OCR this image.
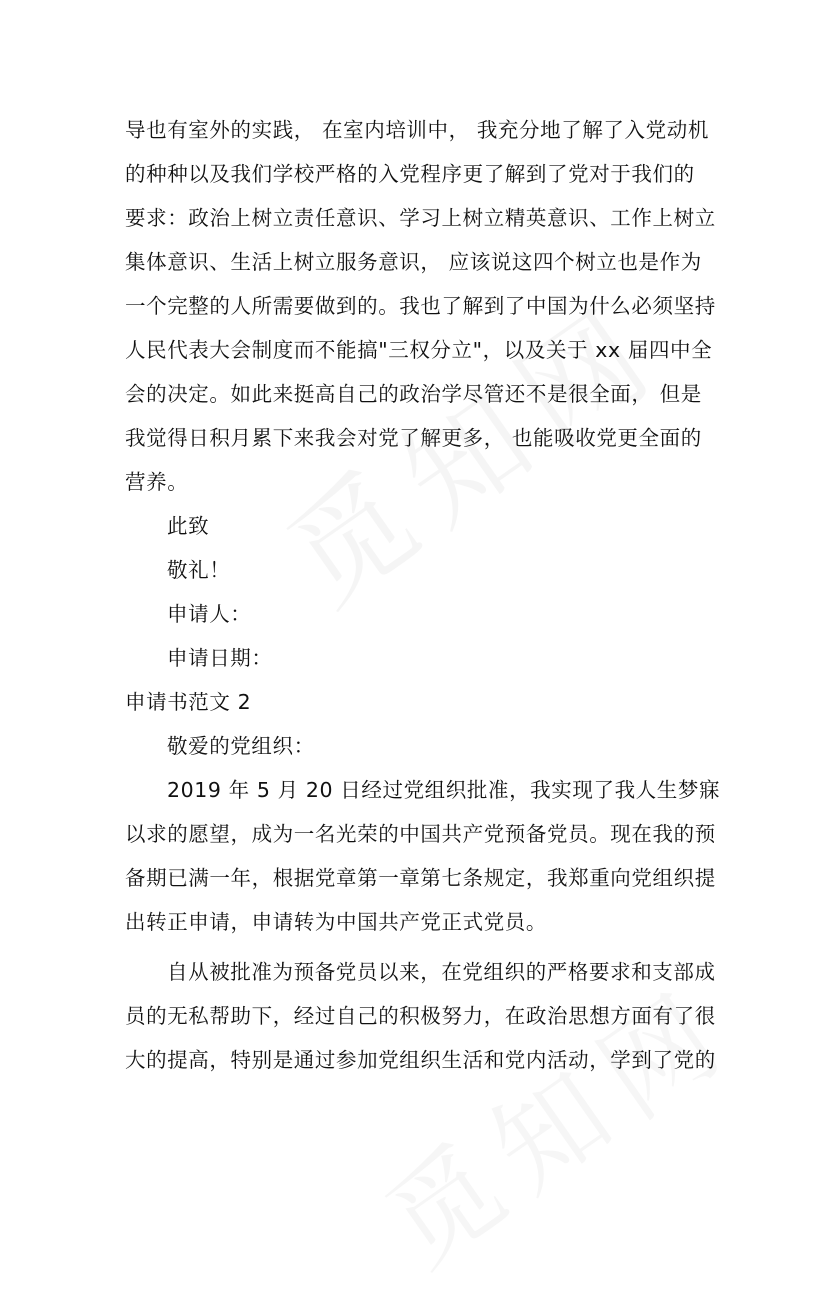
导也有室外的实践， 在室内培训中， 我充分地了解了入党动机
的种种以及我们学校严格的入党程序更了解到了党对于我们的
要求：政治上树立责任意识、学习上树立精英意识、工作上树立
集体意识、生活上树立服务意识， 应该说这四个树立也是作为
一个完整的人所需要做到的。我也了解到了中国为什么必须坚持
人民代表大会制度而不能搞"三权分立"，以及关于 xx 届四中全
会的决定。如此来挺高自己的政治学尽管还不是很全面， 但是
我觉得日积月累下来我会对党了解更多， 也能吸收党更全面的
营养。
此致
敬礼！
申请人：
申请日期：
申请书范文 2
敬爱的党组织：
2019 年 5 月 20 日经过党组织批准，我实现了我人生梦寐
以求的愿望，成为一名光荣的中国共产党预备党员。现在我的预
备期已满一年，根据党章第一章第七条规定，我郑重向党组织提
出转正申请，申请转为中国共产党正式党员。
自从被批准为预备党员以来，在党组织的严格要求和支部成
员的无私帮助下，经过自己的积极努力，在政治思想方面有了很
大的提高，特别是通过参加党组织生活和党内活动，学到了党的
